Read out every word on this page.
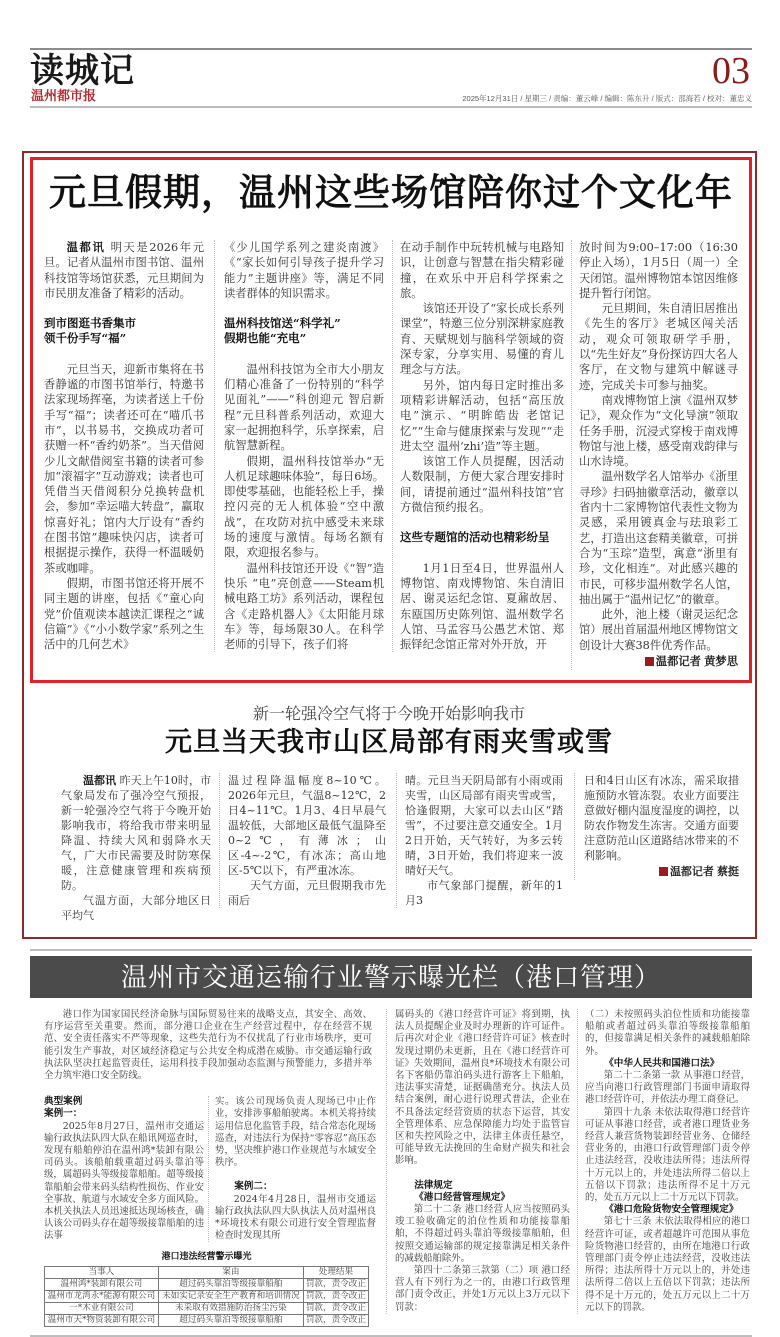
读城记
温州都市报
03
2025年12月31日 / 星期三 / 责编：董云峰 / 编辑：陈东升 / 版式：邵海若 / 校对：董忠义
元旦假期，温州这些场馆陪你过个文化年

温都讯 明天是2026年元旦。记者从温州市图书馆、温州科技馆等场馆获悉，元旦期间为市民朋友准备了精彩的活动。

到市图逛书香集市
领千份手写“福”

元旦当天，迎新市集将在书香静谧的市图书馆举行，特邀书法家现场挥毫，为读者送上千份手写“福”；读者还可在“喵爪书市”，以书易书，交换成功者可获赠一杯“香约奶茶”。当天借阅少儿文献借阅室书籍的读者可参加“滚福字”互动游戏；读者也可凭借当天借阅积分兑换转盘机会，参加“幸运喵大转盘”，赢取惊喜好礼；馆内大厅设有“香约在图书馆”趣味快闪店，读者可根据提示操作，获得一杯温暖奶茶或咖啡。

假期，市图书馆还将开展不同主题的讲座，包括《“童心向党”价值观读本越读汇课程之“诚信篇”》《“小小数学家”系列之生活中的几何艺术》

《少儿国学系列之建炎南渡》《“家长如何引导孩子提升学习能力”主题讲座》等，满足不同读者群体的知识需求。

温州科技馆送“科学礼”
假期也能“充电”

温州科技馆为全市大小朋友们精心准备了一份特别的“科学见面礼”——“科创迎元 智启新程”元旦科普系列活动，欢迎大家一起拥抱科学，乐享探索，启航智慧新程。

假期，温州科技馆举办“无人机足球趣味体验”，每日6场。即使零基础，也能轻松上手，操控闪亮的无人机体验“空中激战”，在攻防对抗中感受未来球场的速度与激情。每场名额有限，欢迎报名参与。

温州科技馆还开设《“智”造快乐 “电”亮创意——Steam机械电路工坊》系列活动，课程包含《走路机器人》《太阳能月球车》等，每场限30人。在科学老师的引导下，孩子们将

在动手制作中玩转机械与电路知识，让创意与智慧在指尖精彩碰撞，在欢乐中开启科学探索之旅。

该馆还开设了“家长成长系列课堂”，特邀三位分别深耕家庭教育、天赋规划与脑科学领域的资深专家，分享实用、易懂的育儿理念与方法。

另外，馆内每日定时推出多项精彩讲解活动，包括“高压放电”演示、“明眸皓齿 老馆记忆”“生命与健康探索与发现”“走进太空 温州‘zhi’造”等主题。

该馆工作人员提醒，因活动人数限制，方便大家合理安排时间，请提前通过“温州科技馆”官方微信预约报名。

这些专题馆的活动也精彩纷呈

1月1日至4日，世界温州人博物馆、南戏博物馆、朱自清旧居、谢灵运纪念馆、夏鼐故居、东瓯国历史陈列馆、温州数学名人馆、马孟容马公愚艺术馆、郑振铎纪念馆正常对外开放，开

放时间为9:00–17:00（16:30停止入场），1月5日（周一）全天闭馆。温州博物馆本馆因维修提升暂行闭馆。

元旦期间，朱自清旧居推出《先生的客厅》老城区闯关活动，观众可领取研学手册，以“先生好友”身份探访四大名人客厅，在文物与建筑中解谜寻迹，完成关卡可参与抽奖。

南戏博物馆上演《温州双梦记》，观众作为“文化导演”领取任务手册，沉浸式穿梭于南戏博物馆与池上楼，感受南戏韵律与山水诗境。

温州数学名人馆举办《浙里寻珍》扫码抽徽章活动，徽章以省内十二家博物馆代表性文物为灵感，采用镀真金与珐琅彩工艺，打造出这套精美徽章，可拼合为“玉琮”造型，寓意“浙里有珍，文化相连”。对此感兴趣的市民，可移步温州数学名人馆，抽出属于“温州记忆”的徽章。

此外，池上楼（谢灵运纪念馆）展出首届温州地区博物馆文创设计大赛38件优秀作品。

温都记者 黄梦思
新一轮强冷空气将于今晚开始影响我市
元旦当天我市山区局部有雨夹雪或雪

温都讯 昨天上午10时，市气象局发布了强冷空气预报，新一轮强冷空气将于今晚开始影响我市，将给我市带来明显降温、持续大风和弱降水天气，广大市民需要及时防寒保暖，注意健康管理和疾病预防。

气温方面，大部分地区日平均气

温过程降温幅度8~10℃。2026年元旦，气温8~12℃，2日4~11℃。1月3、4日早晨气温较低，大部地区最低气温降至0~2℃，有薄冰；山区-4~-2℃，有冰冻；高山地区-5℃以下，有严重冰冻。

天气方面，元旦假期我市先雨后

晴。元旦当天阴局部有小雨或雨夹雪，山区局部有雨夹雪或雪，恰逢假期，大家可以去山区“踏雪”，不过要注意交通安全。1月2日开始，天气转好，为多云转晴，3日开始，我们将迎来一波晴好天气。

市气象部门提醒，新年的1月3

日和4日山区有冰冻，需采取措施预防水管冻裂。农业方面要注意做好棚内温度湿度的调控，以防农作物发生冻害。交通方面要注意防范山区道路结冰带来的不利影响。

温都记者 蔡挺
温州市交通运输行业警示曝光栏（港口管理）

港口作为国家国民经济命脉与国际贸易往来的战略支点，其安全、高效、有序运营至关重要。然而，部分港口企业在生产经营过程中，存在经营不规范、安全责任落实不严等现象，这些失范行为不仅扰乱了行业市场秩序，更可能引发生产事故，对区域经济稳定与公共安全构成潜在威胁。市交通运输行政执法队坚决扛起监管责任，运用科技手段加强动态监测与预警能力，多措并举全力筑牢港口安全防线。

典型案例
案例一：

2025年8月27日，温州市交通运输行政执法队四大队在船讯网巡查时，发现有船舶停泊在温州鸿*装卸有限公司码头。该船舶载重超过码头靠泊等级，属超码头等级接靠船舶。超等级接靠船舶会带来码头结构性损伤、作业安全事故、航道与水域安全多方面风险。本机关执法人员迅速抵达现场核查，确认该公司码头存在超等级接靠船舶的违法事

实。该公司现场负责人现场已中止作业，安排涉事船舶驶离。本机关将持续运用信息化监管手段，结合常态化现场巡查，对违法行为保持“零容忍”高压态势，坚决维护港口作业规范与水域安全秩序。

案例二：

2024年4月28日，温州市交通运输行政执法队四大队执法人员对温州良*环境技术有限公司进行安全管理监督检查时发现其所

港口违法经营警示曝光
当事人	案由	处理结果
温州鸿*装卸有限公司	超过码头靠泊等级接靠船舶	罚款，责令改正
温州市龙湾永*能源有限公司	未如实记录安全生产教育和培训情况	罚款，责令改正
一*木业有限公司	未采取有效措施防治扬尘污染	罚款，责令改正
温州市天*物资装卸有限公司	超过码头靠泊等级接靠船舶	罚款，责令改正

属码头的《港口经营许可证》将到期，执法人员提醒企业及时办理新的许可证件。后再次对企业《港口经营许可证》核查时发现过期仍未更新，且在《港口经营许可证》失效期间，温州良*环境技术有限公司名下客船仍靠泊码头进行游客上下船舶，违法事实清楚，证据确凿充分。执法人员结合案例，耐心进行说理式普法，企业在不具备法定经营资质的状态下运营，其安全管理体系、应急保障能力均处于监管盲区和失控风险之中，法律主体责任悬空，可能导致无法挽回的生命财产损失和社会影响。

法律规定
《港口经营管理规定》

第二十二条 港口经营人应当按照码头竣工验收确定的泊位性质和功能接靠船舶，不得超过码头靠泊等级接靠船舶，但按照交通运输部的规定接靠满足相关条件的减载船舶除外。

第四十二条第三款第（二）项 港口经营人有下列行为之一的，由港口行政管理部门责令改正，并处1万元以上3万元以下罚款：

（二）未按照码头泊位性质和功能接靠船舶或者超过码头靠泊等级接靠船舶的，但接靠满足相关条件的减载船舶除外。

《中华人民共和国港口法》

第二十二条第一款 从事港口经营，应当向港口行政管理部门书面申请取得港口经营许可，并依法办理工商登记。

第四十九条 未依法取得港口经营许可证从事港口经营，或者港口理货业务经营人兼营货物装卸经营业务、仓储经营业务的，由港口行政管理部门责令停止违法经营，没收违法所得；违法所得十万元以上的，并处违法所得二倍以上五倍以下罚款；违法所得不足十万元的，处五万元以上二十万元以下罚款。

《港口危险货物安全管理规定》

第七十三条 未依法取得相应的港口经营许可证，或者超越许可范围从事危险货物港口经营的，由所在地港口行政管理部门责令停止违法经营，没收违法所得；违法所得十万元以上的，并处违法所得二倍以上五倍以下罚款；违法所得不足十万元的，处五万元以上二十万元以下的罚款。
